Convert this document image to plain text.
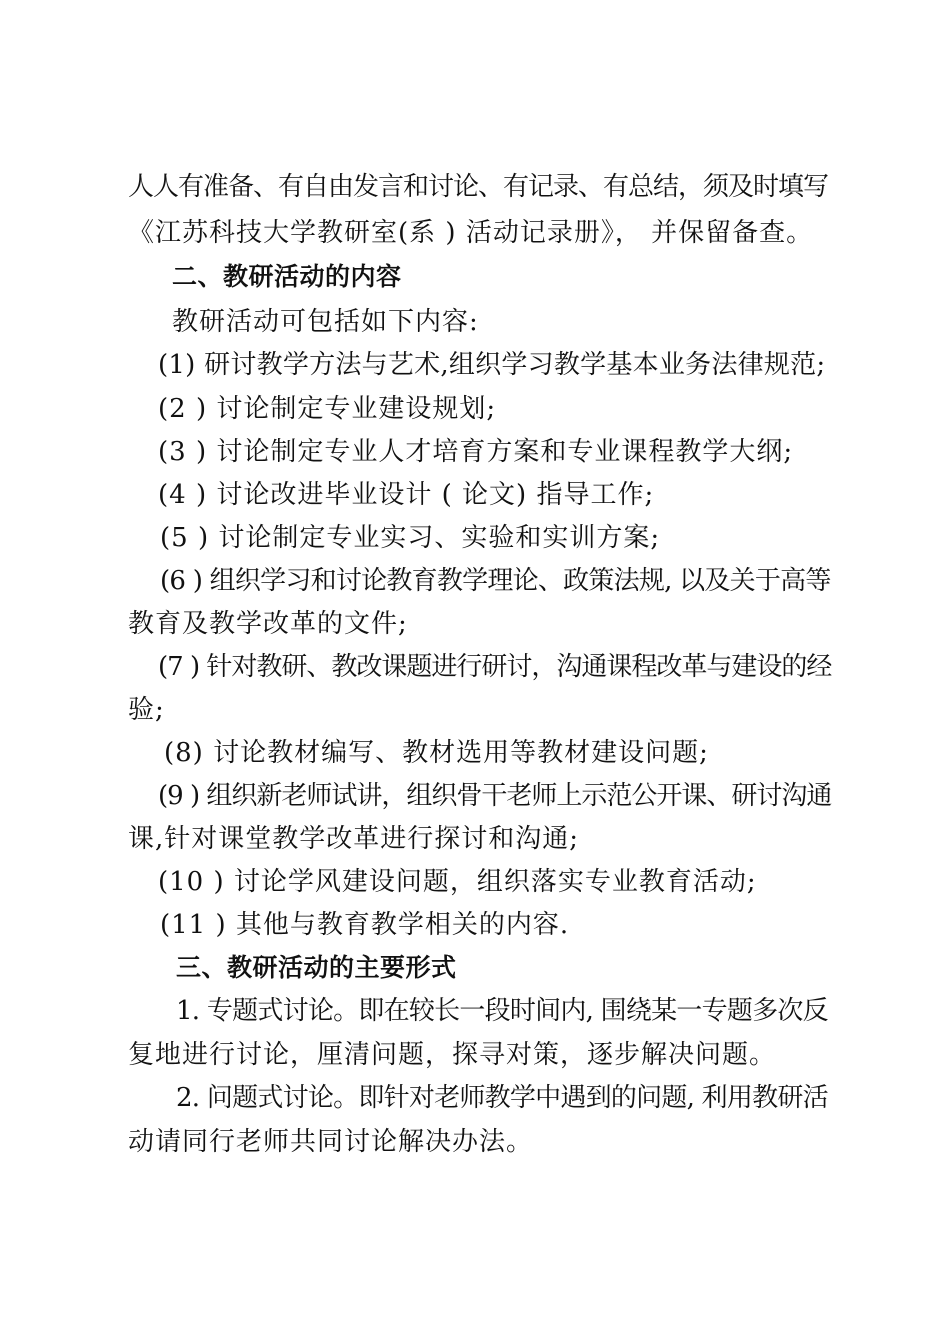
人人有准备、有自由发言和讨论、有记录、有总结，须及时填写
《江苏科技大学教研室(系 ) 活动记录册》， 并保留备查。
二、教研活动的内容
教研活动可包括如下内容:
(1) 研讨教学方法与艺术,组织学习教学基本业务法律规范;
(2 ) 讨论制定专业建设规划;
(3 ) 讨论制定专业人才培育方案和专业课程教学大纲;
(4 ) 讨论改进毕业设计 ( 论文) 指导工作;
(5 ) 讨论制定专业实习、实验和实训方案;
(6 ) 组织学习和讨论教育教学理论、政策法规, 以及关于高等
教育及教学改革的文件;
(7 ) 针对教研、教改课题进行研讨，沟通课程改革与建设的经
验;
(8) 讨论教材编写、教材选用等教材建设问题;
(9 ) 组织新老师试讲，组织骨干老师上示范公开课、研讨沟通
课,针对课堂教学改革进行探讨和沟通;
(10 ) 讨论学风建设问题，组织落实专业教育活动;
(11 ) 其他与教育教学相关的内容.
三、教研活动的主要形式
1. 专题式讨论。即在较长一段时间内, 围绕某一专题多次反
复地进行讨论，厘清问题，探寻对策，逐步解决问题。
2. 问题式讨论。即针对老师教学中遇到的问题, 利用教研活
动请同行老师共同讨论解决办法。
